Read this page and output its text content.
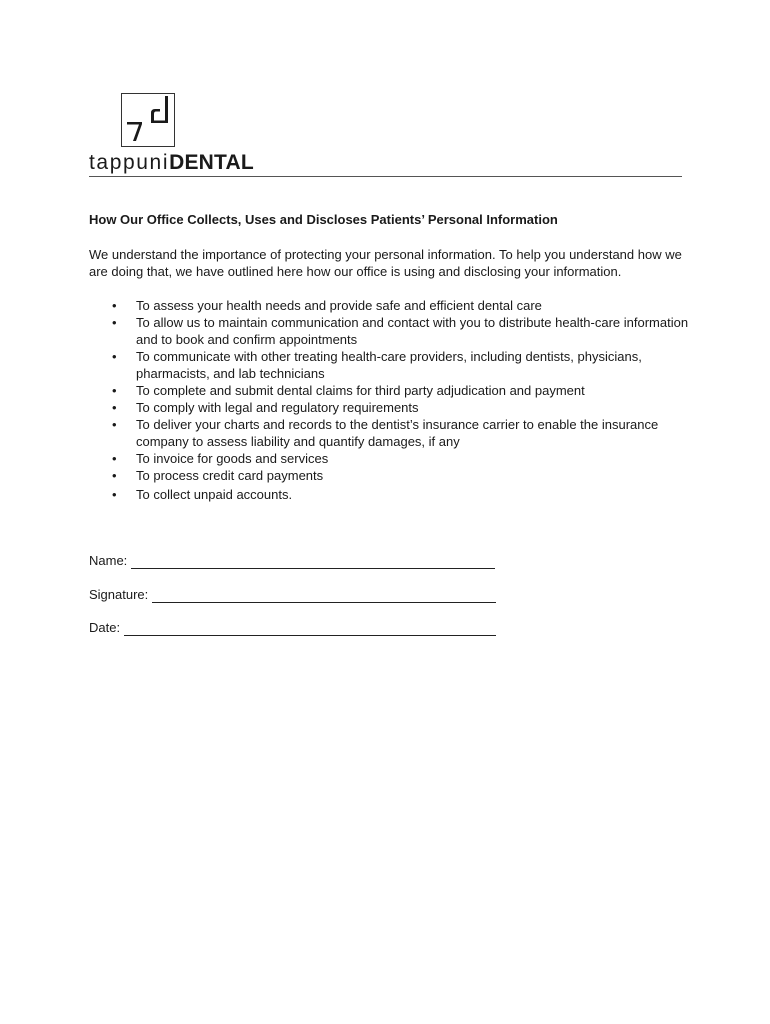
tappuniDENTAL
How Our Office Collects, Uses and Discloses Patients’ Personal Information

We understand the importance of protecting your personal information. To help you understand how we are doing that, we have outlined here how our office is using and disclosing your information.

• To assess your health needs and provide safe and efficient dental care
• To allow us to maintain communication and contact with you to distribute health-care information and to book and confirm appointments
• To communicate with other treating health-care providers, including dentists, physicians, pharmacists, and lab technicians
• To complete and submit dental claims for third party adjudication and payment
• To comply with legal and regulatory requirements
• To deliver your charts and records to the dentist’s insurance carrier to enable the insurance company to assess liability and quantify damages, if any
• To invoice for goods and services
• To process credit card payments
• To collect unpaid accounts.
Name:
Signature:
Date:
